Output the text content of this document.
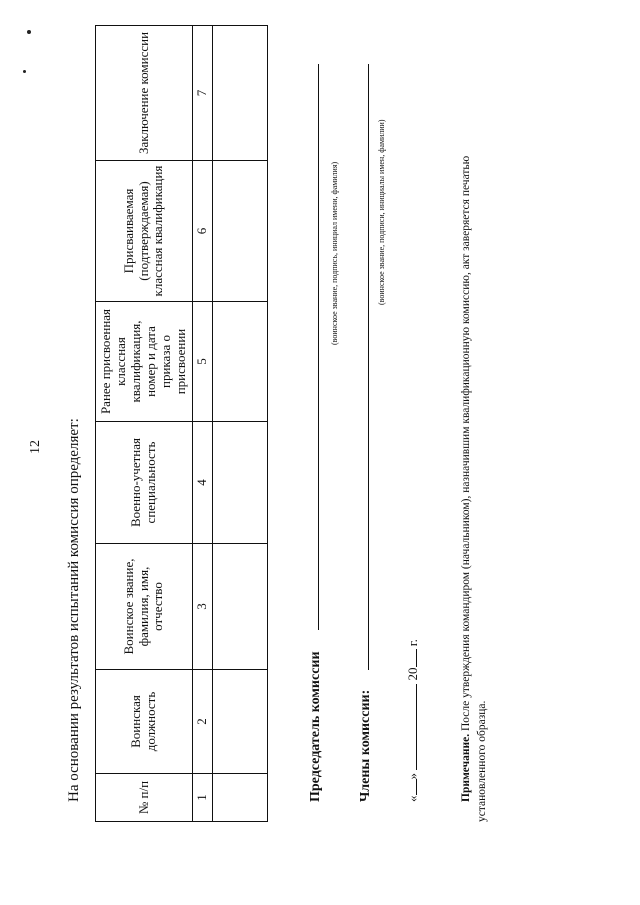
12 На основании результатов испытаний комиссия определяет:	№ п/п	Воинская должность	Воинское звание, фамилия, имя, отчество	Военно-учетная специальность	Ранее присвоенная классная квалификация, номер и дата приказа о присвоении	Присваиваемая (подтверждаемая) классная квалификация	Заключение комиссии
1	2	3	4	5	6	7

Председатель комиссии
(воинское звание, подпись, инициал имени, фамилия)
Члены комиссии:
(воинское звание, подписи, инициалы имен, фамилии)
«»  20 г.
Примечание. После утверждения командиром (начальником), назначившим квалификационную комиссию, акт заверяется печатью установленного образца.
